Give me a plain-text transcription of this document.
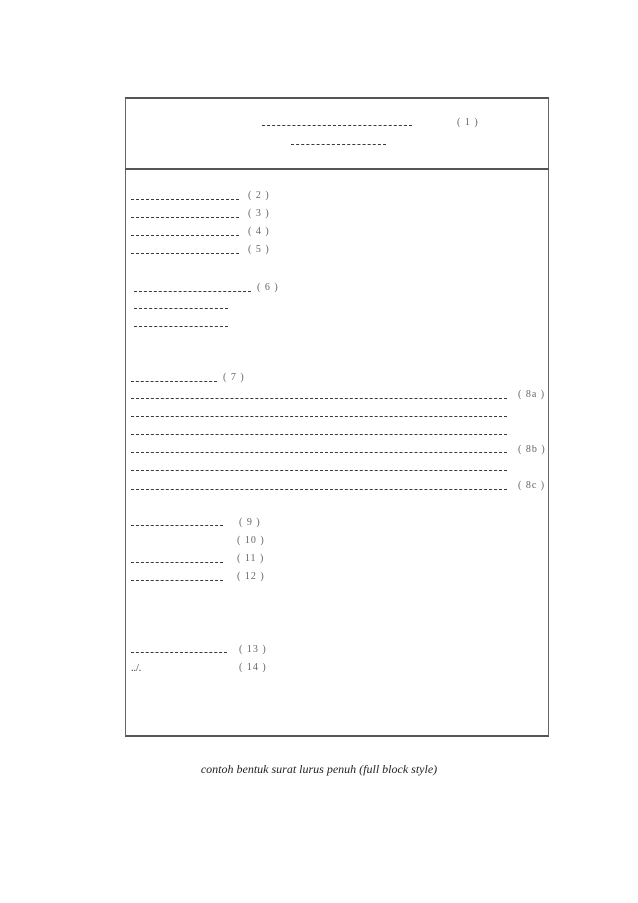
( 1 )
( 2 )
( 3 )
( 4 )
( 5 )
( 6 )
( 7 )
( 8a )
( 8b )
( 8c )
( 9 )
( 10 )
( 11 )
( 12 )
( 13 )
../.	( 14 )
contoh bentuk surat lurus penuh (full block style)
